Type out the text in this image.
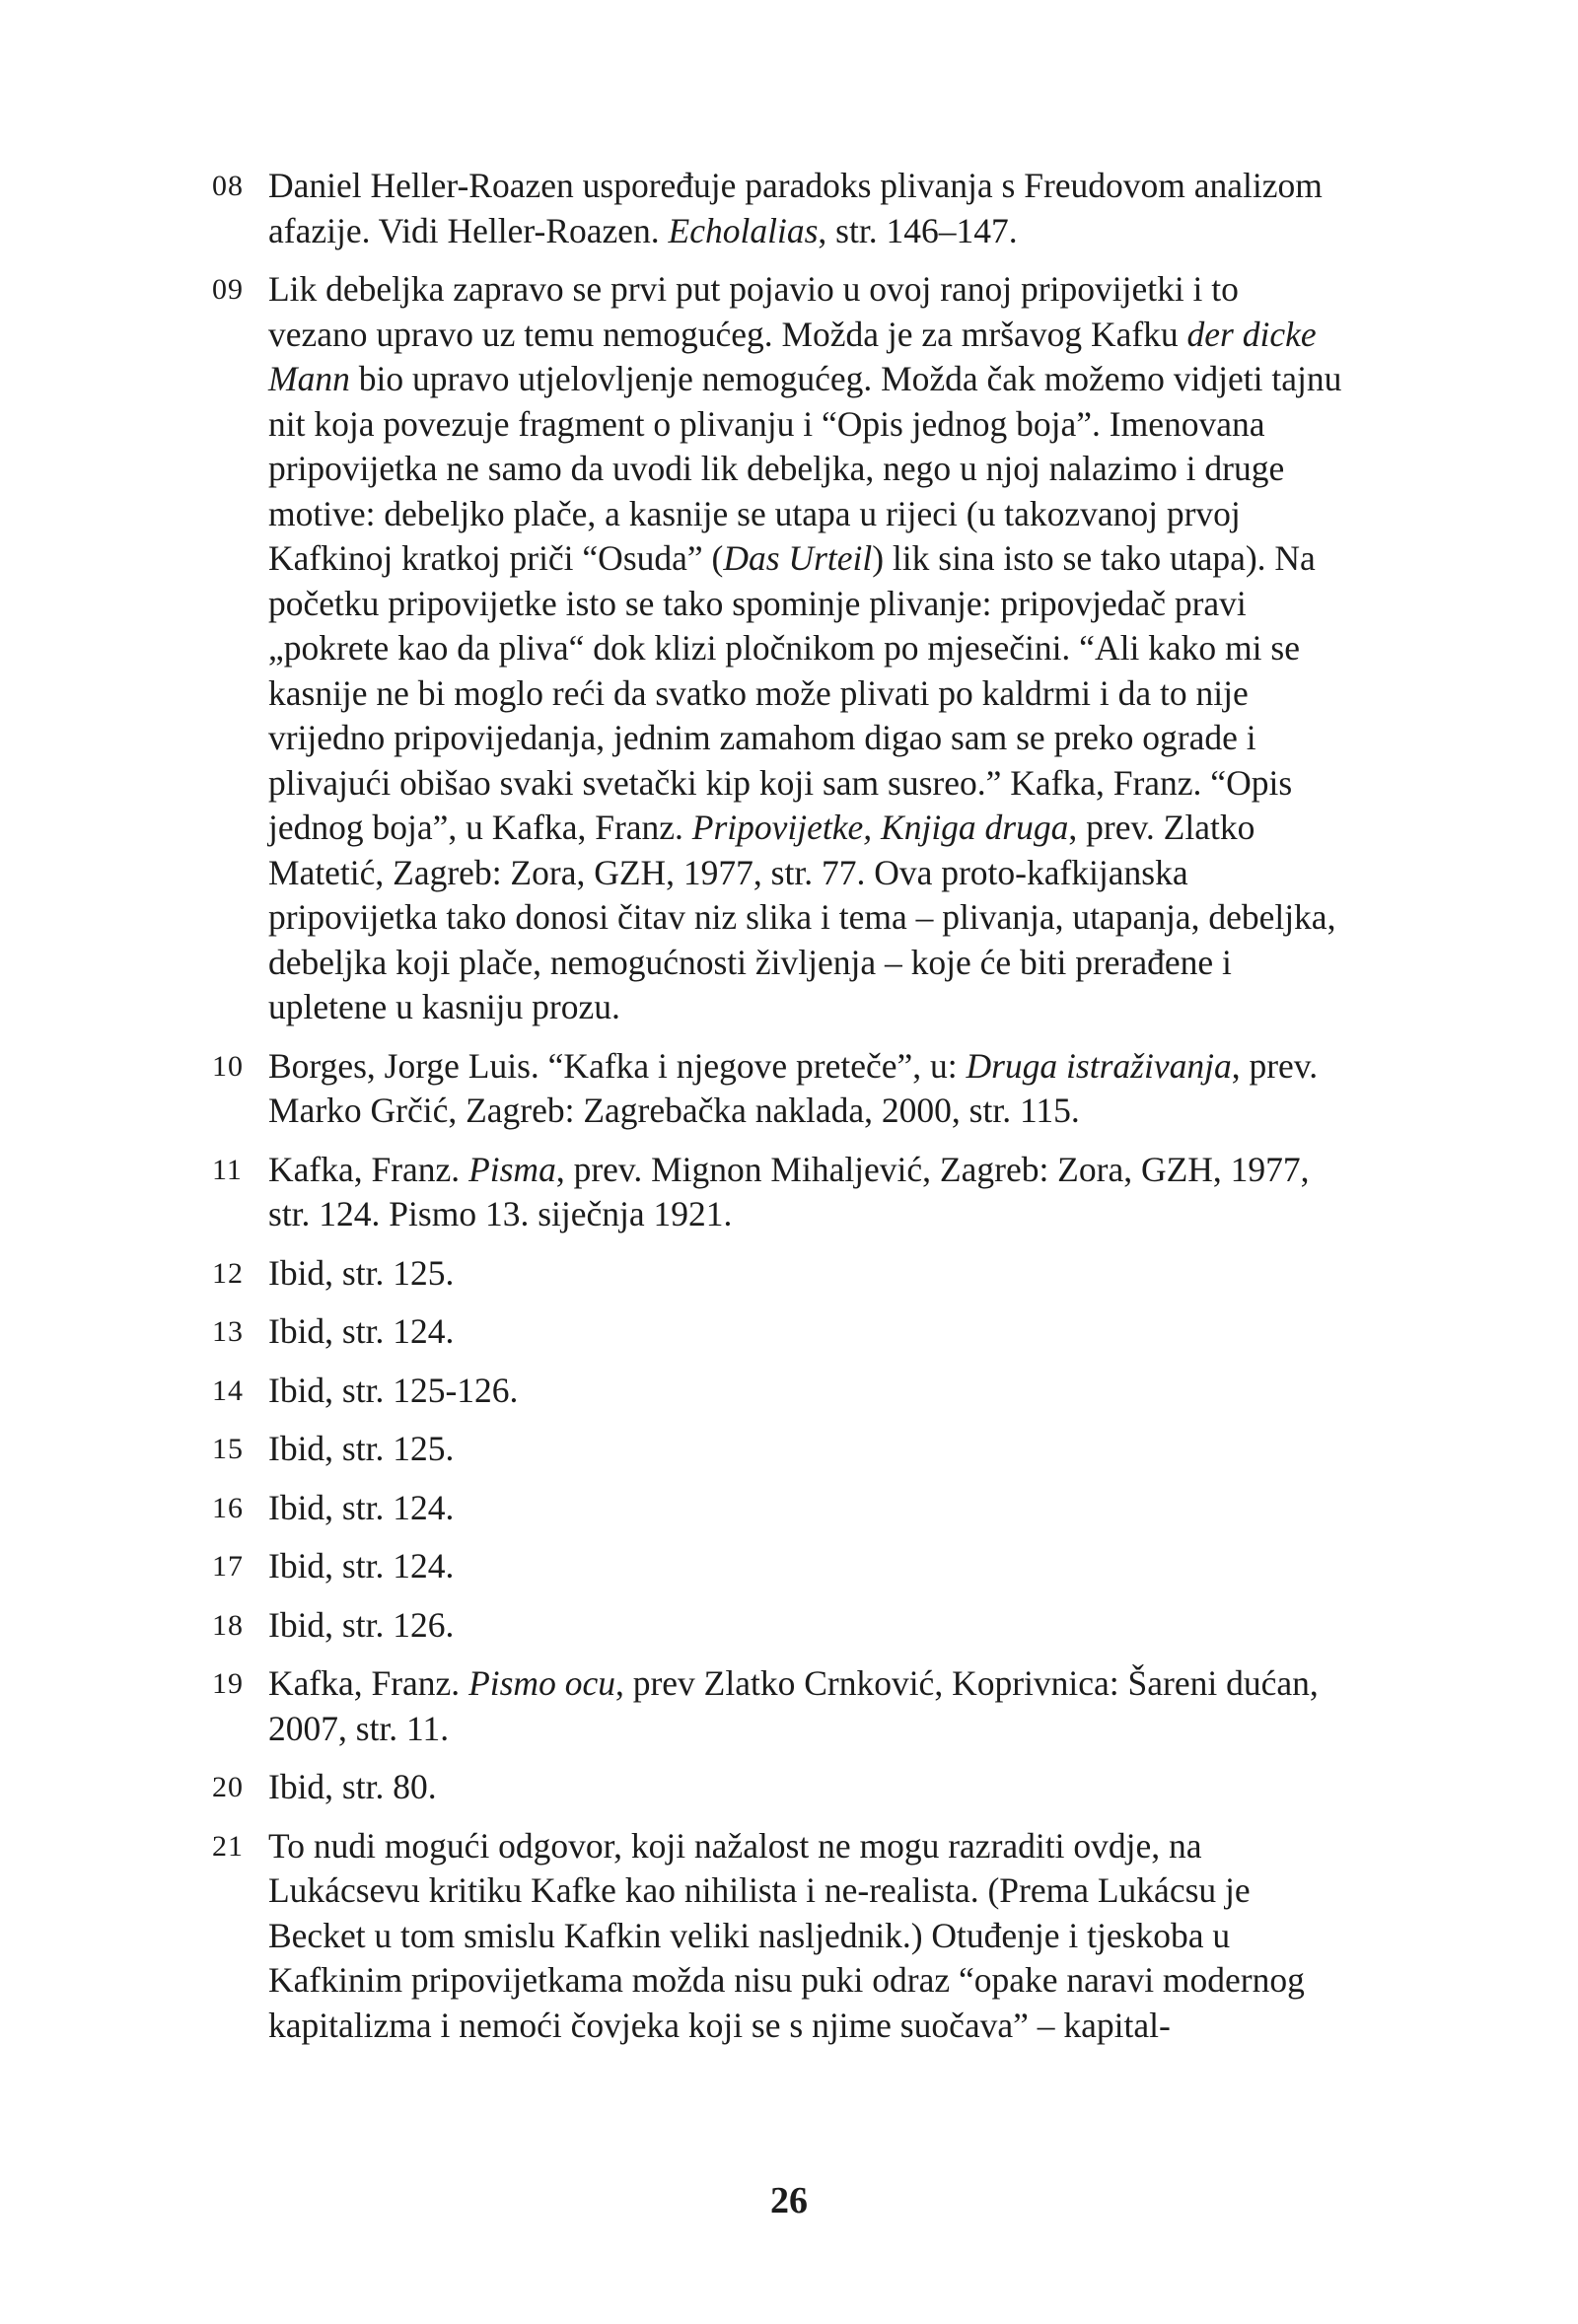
08 Daniel Heller-Roazen uspoređuje paradoks plivanja s Freudovom analizom afazije. Vidi Heller-Roazen. Echolalias, str. 146–147.
09 Lik debeljka zapravo se prvi put pojavio u ovoj ranoj pripovijetki i to vezano upravo uz temu nemogućeg. Možda je za mršavog Kafku der dicke Mann bio upravo utjelovljenje nemogućeg. Možda čak možemo vidjeti tajnu nit koja povezuje fragment o plivanju i “Opis jednog boja”. Imenovana pripovijetka ne samo da uvodi lik debeljka, nego u njoj nalazimo i druge motive: debeljko plače, a kasnije se utapa u rijeci (u takozvanoj prvoj Kafkinoj kratkoj priči “Osuda” (Das Urteil) lik sina isto se tako utapa). Na početku pripovijetke isto se tako spominje plivanje: pripovjedač pravi „pokrete kao da pliva“ dok klizi pločnikom po mjesečini. “Ali kako mi se kasnije ne bi moglo reći da svatko može plivati po kaldrmi i da to nije vrijedno pripovijedanja, jednim zamahom digao sam se preko ograde i plivajući obišao svaki svetački kip koji sam susreo.” Kafka, Franz. “Opis jednog boja”, u Kafka, Franz. Pripovijetke, Knjiga druga, prev. Zlatko Matetić, Zagreb: Zora, GZH, 1977, str. 77. Ova proto-kafkijanska pripovijetka tako donosi čitav niz slika i tema – plivanja, utapanja, debeljka, debeljka koji plače, nemogućnosti življenja – koje će biti prerađene i upletene u kasniju prozu.
10 Borges, Jorge Luis. “Kafka i njegove preteče”, u: Druga istraživanja, prev. Marko Grčić, Zagreb: Zagrebačka naklada, 2000, str. 115.
11 Kafka, Franz. Pisma, prev. Mignon Mihaljević, Zagreb: Zora, GZH, 1977, str. 124. Pismo 13. siječnja 1921.
12 Ibid, str. 125.
13 Ibid, str. 124.
14 Ibid, str. 125-126.
15 Ibid, str. 125.
16 Ibid, str. 124.
17 Ibid, str. 124.
18 Ibid, str. 126.
19 Kafka, Franz. Pismo ocu, prev Zlatko Crnković, Koprivnica: Šareni dućan, 2007, str. 11.
20 Ibid, str. 80.
21 To nudi mogući odgovor, koji nažalost ne mogu razraditi ovdje, na Lukácsevu kritiku Kafke kao nihilista i ne-realista. (Prema Lukácsu je Becket u tom smislu Kafkin veliki nasljednik.) Otuđenje i tjeskoba u Kafkinim pripovijetkama možda nisu puki odraz “opake naravi modernog kapitalizma i nemoći čovjeka koji se s njime suočava” – kapital-
26
